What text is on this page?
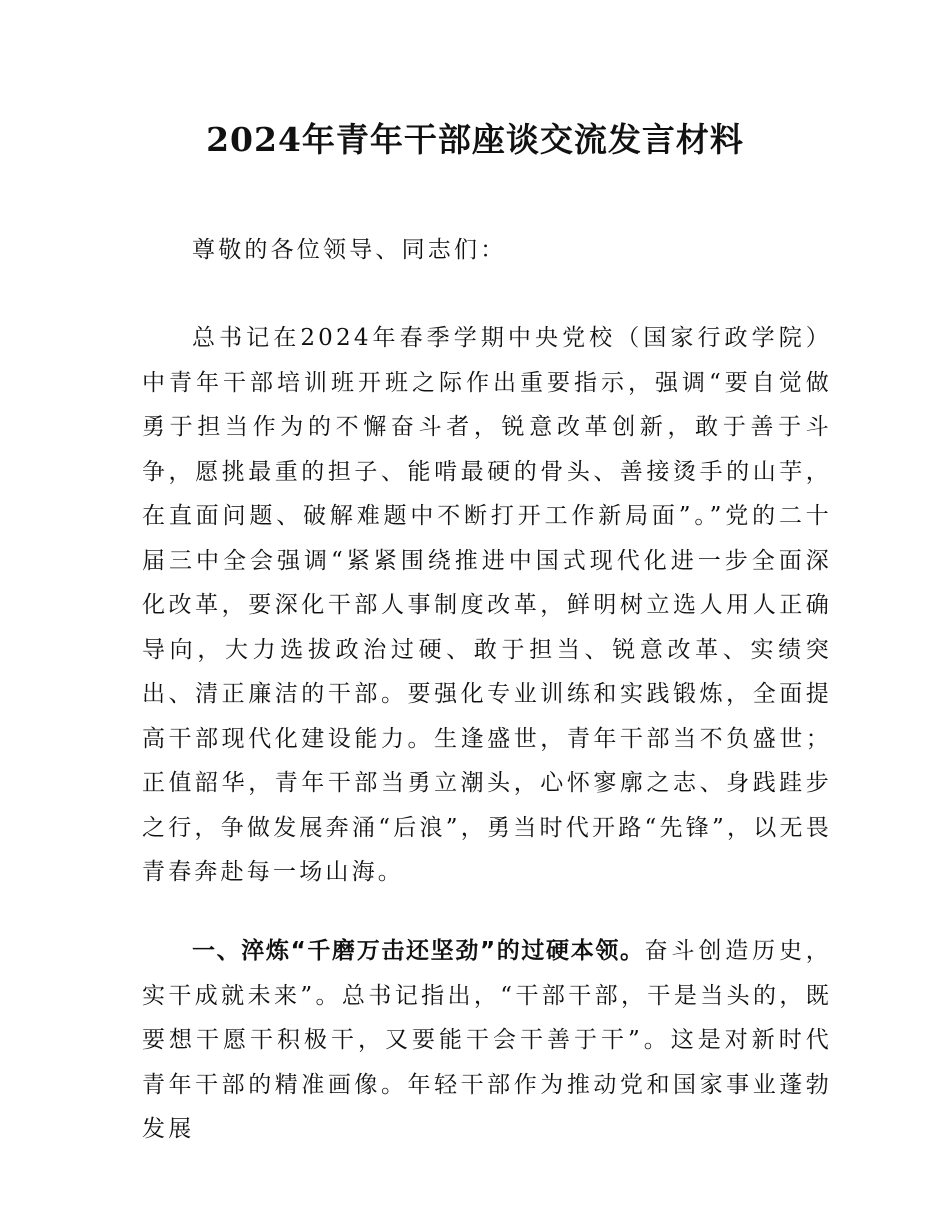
2024年青年干部座谈交流发言材料

尊敬的各位领导、同志们：

总书记在2024年春季学期中央党校（国家行政学院）中青年干部培训班开班之际作出重要指示，强调“要自觉做勇于担当作为的不懈奋斗者，锐意改革创新，敢于善于斗争，愿挑最重的担子、能啃最硬的骨头、善接烫手的山芋，在直面问题、破解难题中不断打开工作新局面”。”党的二十届三中全会强调“紧紧围绕推进中国式现代化进一步全面深化改革，要深化干部人事制度改革，鲜明树立选人用人正确导向，大力选拔政治过硬、敢于担当、锐意改革、实绩突出、清正廉洁的干部。要强化专业训练和实践锻炼，全面提高干部现代化建设能力。生逢盛世，青年干部当不负盛世；正值韶华，青年干部当勇立潮头，心怀寥廓之志、身践跬步之行，争做发展奔涌“后浪”，勇当时代开路“先锋”，以无畏青春奔赴每一场山海。

一、淬炼“千磨万击还坚劲”的过硬本领。奋斗创造历史，实干成就未来”。总书记指出，“干部干部，干是当头的，既要想干愿干积极干，又要能干会干善于干”。这是对新时代青年干部的精准画像。年轻干部作为推动党和国家事业蓬勃发展
